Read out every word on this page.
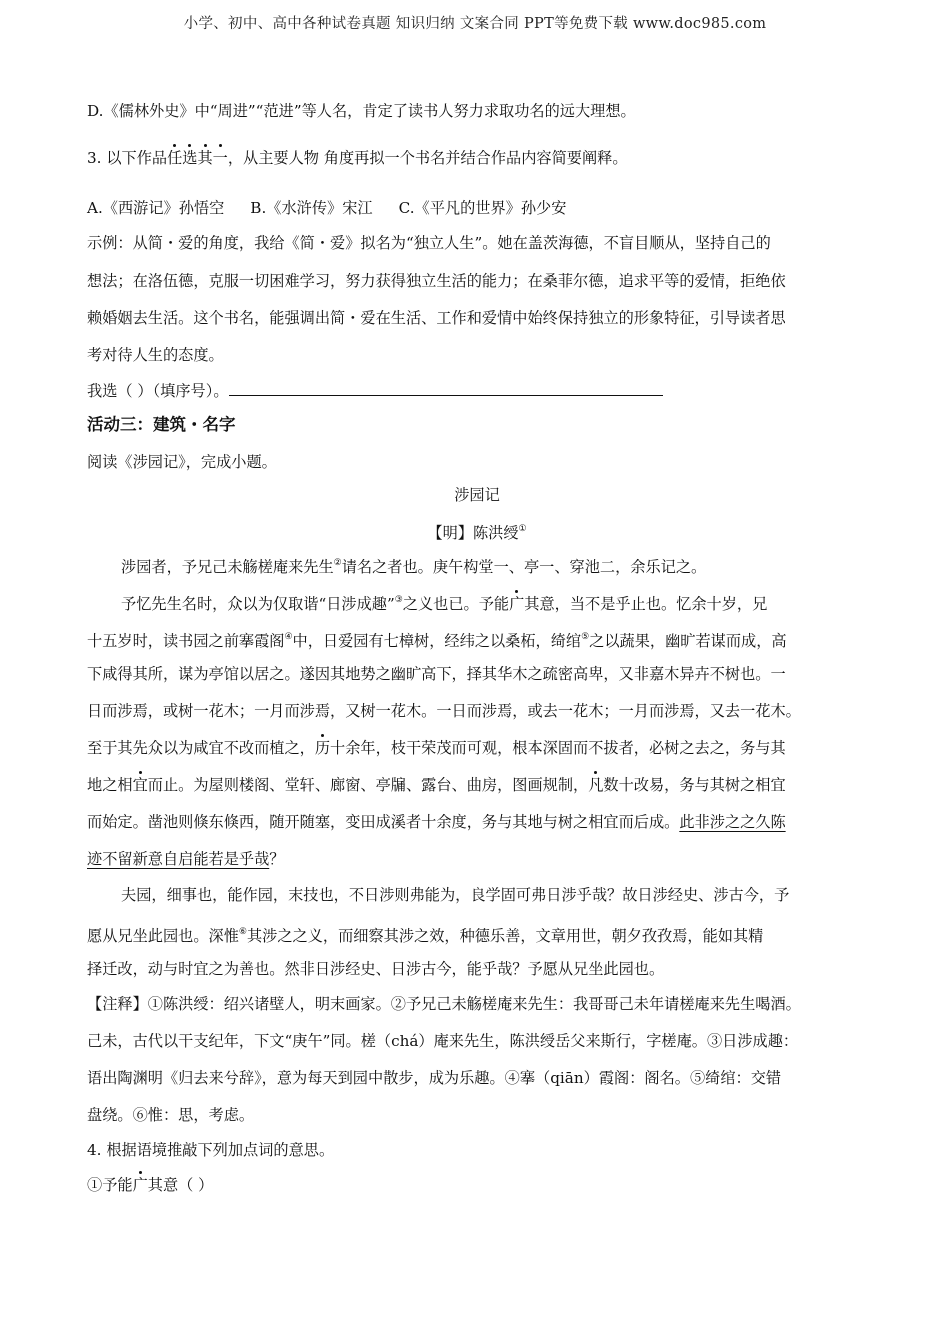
小学、初中、高中各种试卷真题 知识归纳 文案合同 PPT等免费下载 www.doc985.com
D.《儒林外史》中“周进”“范进”等人名，肯定了读书人努力求取功名的远大理想。
3. 以下作品任选其一，从主要人物 角度再拟一个书名并结合作品内容简要阐释。
A.《西游记》孙悟空 B.《水浒传》宋江 C.《平凡的世界》孙少安
示例：从简・爱的角度，我给《简・爱》拟名为“独立人生”。她在盖茨海德，不盲目顺从，坚持自己的
想法；在洛伍德，克服一切困难学习，努力获得独立生活的能力；在桑菲尔德，追求平等的爱情，拒绝依
赖婚姻去生活。这个书名，能强调出简・爱在生活、工作和爱情中始终保持独立的形象特征，引导读者思
考对待人生的态度。
我选（ ）（填序号）。
活动三：建筑・名字
阅读《涉园记》，完成小题。
涉园记
【明】陈洪绶①
涉园者，予兄己未觞槎庵来先生②请名之者也。庚午构堂一、亭一、穿池二，余乐记之。
予忆先生名时，众以为仅取谐“日涉成趣”③之义也已。予能广其意，当不是乎止也。忆余十岁，兄
十五岁时，读书园之前搴霞阁④中，日爱园有七樟树，经纬之以桑柘，绮绾⑤之以蔬果，幽旷若谋而成，高
下咸得其所，谋为亭馆以居之。遂因其地势之幽旷高下，择其华木之疏密高卑，又非嘉木异卉不树也。一
日而涉焉，或树一花木；一月而涉焉，又树一花木。一日而涉焉，或去一花木；一月而涉焉，又去一花木。
至于其先众以为咸宜不改而植之，历十余年，枝干荣茂而可观，根本深固而不拔者，必树之去之，务与其
地之相宜而止。为屋则楼阁、堂轩、廊窗、亭牖、露台、曲房，图画规制，凡数十改易，务与其树之相宜
而始定。凿池则倏东倏西，随开随塞，变田成溪者十余度，务与其地与树之相宜而后成。此非涉之之久陈
迹不留新意自启能若是乎哉？
夫园，细事也，能作园，末技也，不日涉则弗能为，良学固可弗日涉乎哉？故日涉经史、涉古今，予
愿从兄坐此园也。深惟⑥其涉之之义，而细察其涉之效，种德乐善，文章用世，朝夕孜孜焉，能如其精
择迁改，动与时宜之为善也。然非日涉经史、日涉古今，能乎哉？予愿从兄坐此园也。
【注释】①陈洪绶：绍兴诸壁人，明末画家。②予兄己未觞槎庵来先生：我哥哥己未年请槎庵来先生喝酒。
己未，古代以干支纪年，下文“庚午”同。槎（chá）庵来先生，陈洪绶岳父来斯行，字槎庵。③日涉成趣：
语出陶渊明《归去来兮辞》，意为每天到园中散步，成为乐趣。④搴（qiān）霞阁：阁名。⑤绮绾：交错
盘绕。⑥惟：思，考虑。
4. 根据语境推敲下列加点词的意思。
①予能广其意（ ）
